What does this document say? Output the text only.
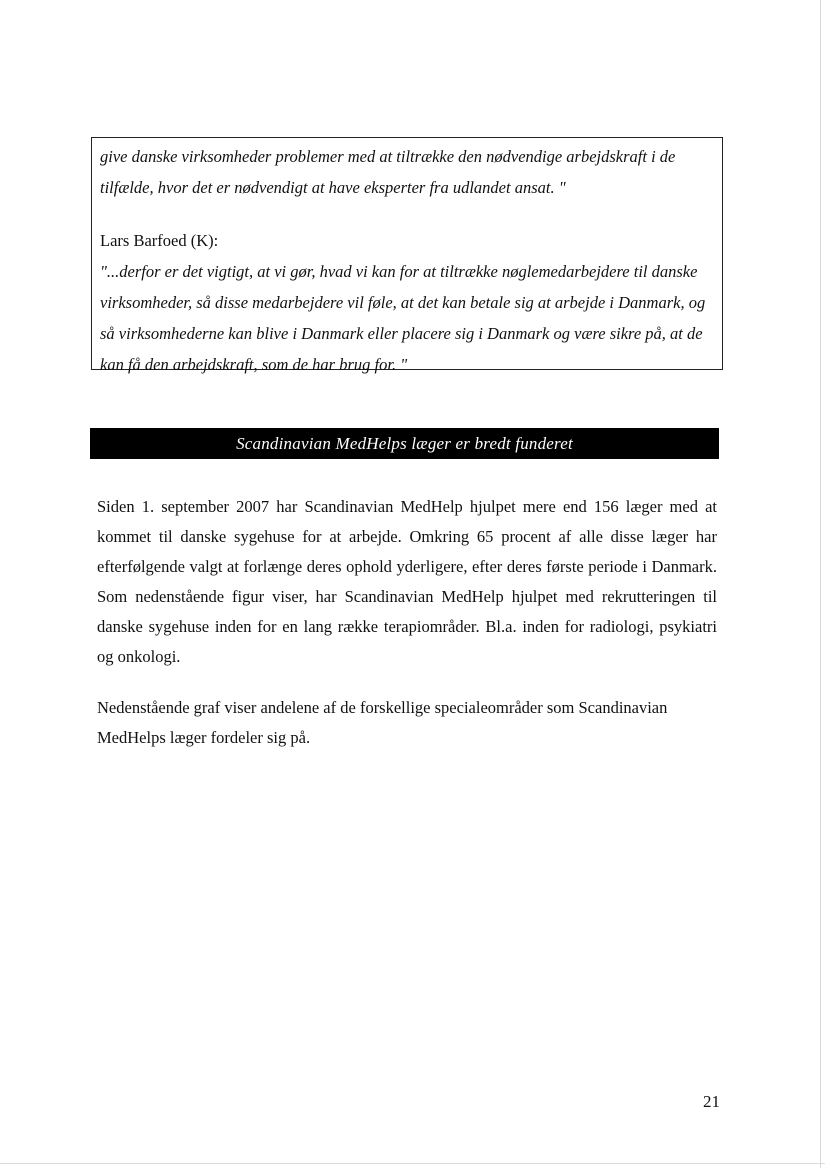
give danske virksomheder problemer med at tiltrække den nødvendige arbejdskraft i de
tilfælde, hvor det er nødvendigt at have eksperter fra udlandet ansat. "
Lars Barfoed (K):
"...derfor er det vigtigt, at vi gør, hvad vi kan for at tiltrække nøglemedarbejdere til danske
virksomheder, så disse medarbejdere vil føle, at det kan betale sig at arbejde i Danmark, og
så virksomhederne kan blive i Danmark eller placere sig i Danmark og være sikre på, at de
kan få den arbejdskraft, som de har brug for. "
Scandinavian MedHelps læger er bredt funderet
Siden 1. september 2007 har Scandinavian MedHelp hjulpet mere end 156 læger med at
kommet til danske sygehuse for at arbejde. Omkring 65 procent af alle disse læger har
efterfølgende valgt at forlænge deres ophold yderligere, efter deres første periode i Danmark.
Som nedenstående figur viser, har Scandinavian MedHelp hjulpet med rekrutteringen til
danske sygehuse inden for en lang række terapiområder. Bl.a. inden for radiologi, psykiatri
og onkologi.
Nedenstående graf viser andelene af de forskellige specialeområder som Scandinavian
MedHelps læger fordeler sig på.
21
